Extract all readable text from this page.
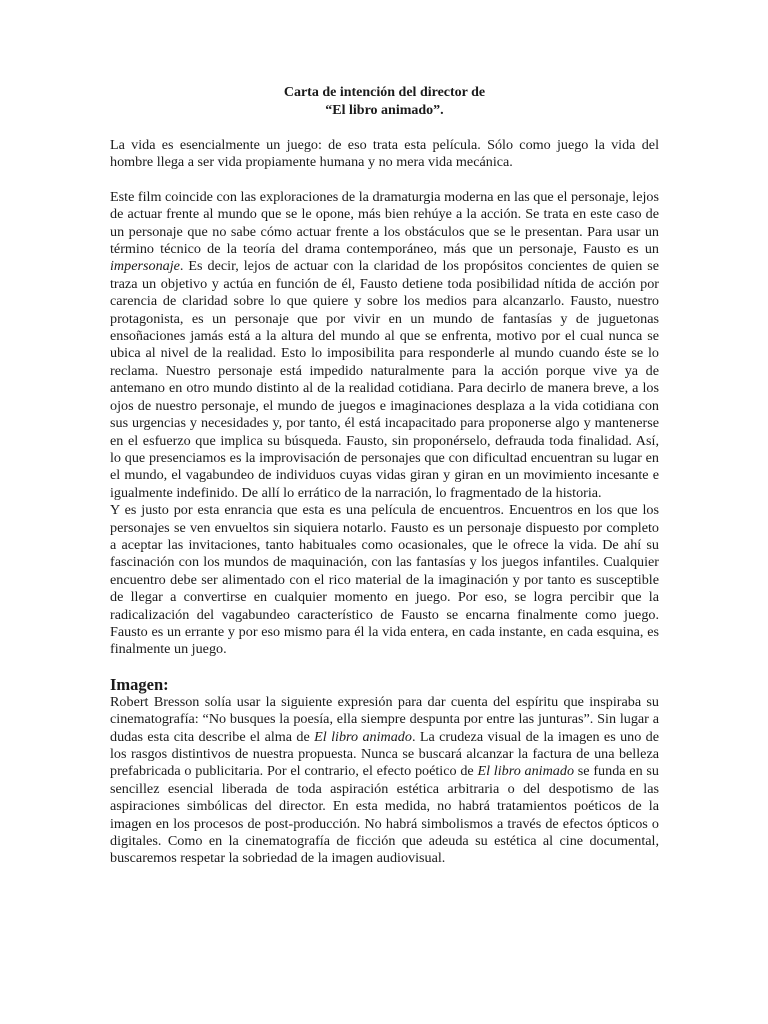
Carta de intención del director de
“El libro animado”.

La vida es esencialmente un juego: de eso trata esta película. Sólo como juego la vida del hombre llega a ser vida propiamente humana y no mera vida mecánica.

Este film coincide con las exploraciones de la dramaturgia moderna en las que el personaje, lejos de actuar frente al mundo que se le opone, más bien rehúye a la acción. Se trata en este caso de un personaje que no sabe cómo actuar frente a los obstáculos que se le presentan. Para usar un término técnico de la teoría del drama contemporáneo, más que un personaje, Fausto es un impersonaje. Es decir, lejos de actuar con la claridad de los propósitos concientes de quien se traza un objetivo y actúa en función de él, Fausto detiene toda posibilidad nítida de acción por carencia de claridad sobre lo que quiere y sobre los medios para alcanzarlo. Fausto, nuestro protagonista, es un personaje que por vivir en un mundo de fantasías y de juguetonas ensoñaciones jamás está a la altura del mundo al que se enfrenta, motivo por el cual nunca se ubica al nivel de la realidad. Esto lo imposibilita para responderle al mundo cuando éste se lo reclama. Nuestro personaje está impedido naturalmente para la acción porque vive ya de antemano en otro mundo distinto al de la realidad cotidiana. Para decirlo de manera breve, a los ojos de nuestro personaje, el mundo de juegos e imaginaciones desplaza a la vida cotidiana con sus urgencias y necesidades y, por tanto, él está incapacitado para proponerse algo y mantenerse en el esfuerzo que implica su búsqueda. Fausto, sin proponérselo, defrauda toda finalidad. Así, lo que presenciamos es la improvisación de personajes que con dificultad encuentran su lugar en el mundo, el vagabundeo de individuos cuyas vidas giran y giran en un movimiento incesante e igualmente indefinido. De allí lo errático de la narración, lo fragmentado de la historia.

Y es justo por esta enrancia que esta es una película de encuentros. Encuentros en los que los personajes se ven envueltos sin siquiera notarlo. Fausto es un personaje dispuesto por completo a aceptar las invitaciones, tanto habituales como ocasionales, que le ofrece la vida. De ahí su fascinación con los mundos de maquinación, con las fantasías y los juegos infantiles. Cualquier encuentro debe ser alimentado con el rico material de la imaginación y por tanto es susceptible de llegar a convertirse en cualquier momento en juego. Por eso, se logra percibir que la radicalización del vagabundeo característico de Fausto se encarna finalmente como juego. Fausto es un errante y por eso mismo para él la vida entera, en cada instante, en cada esquina, es finalmente un juego.

Imagen:

Robert Bresson solía usar la siguiente expresión para dar cuenta del espíritu que inspiraba su cinematografía: “No busques la poesía, ella siempre despunta por entre las junturas”. Sin lugar a dudas esta cita describe el alma de El libro animado. La crudeza visual de la imagen es uno de los rasgos distintivos de nuestra propuesta. Nunca se buscará alcanzar la factura de una belleza prefabricada o publicitaria. Por el contrario, el efecto poético de El libro animado se funda en su sencillez esencial liberada de toda aspiración estética arbitraria o del despotismo de las aspiraciones simbólicas del director. En esta medida, no habrá tratamientos poéticos de la imagen en los procesos de post-producción. No habrá simbolismos a través de efectos ópticos o digitales. Como en la cinematografía de ficción que adeuda su estética al cine documental, buscaremos respetar la sobriedad de la imagen audiovisual.
